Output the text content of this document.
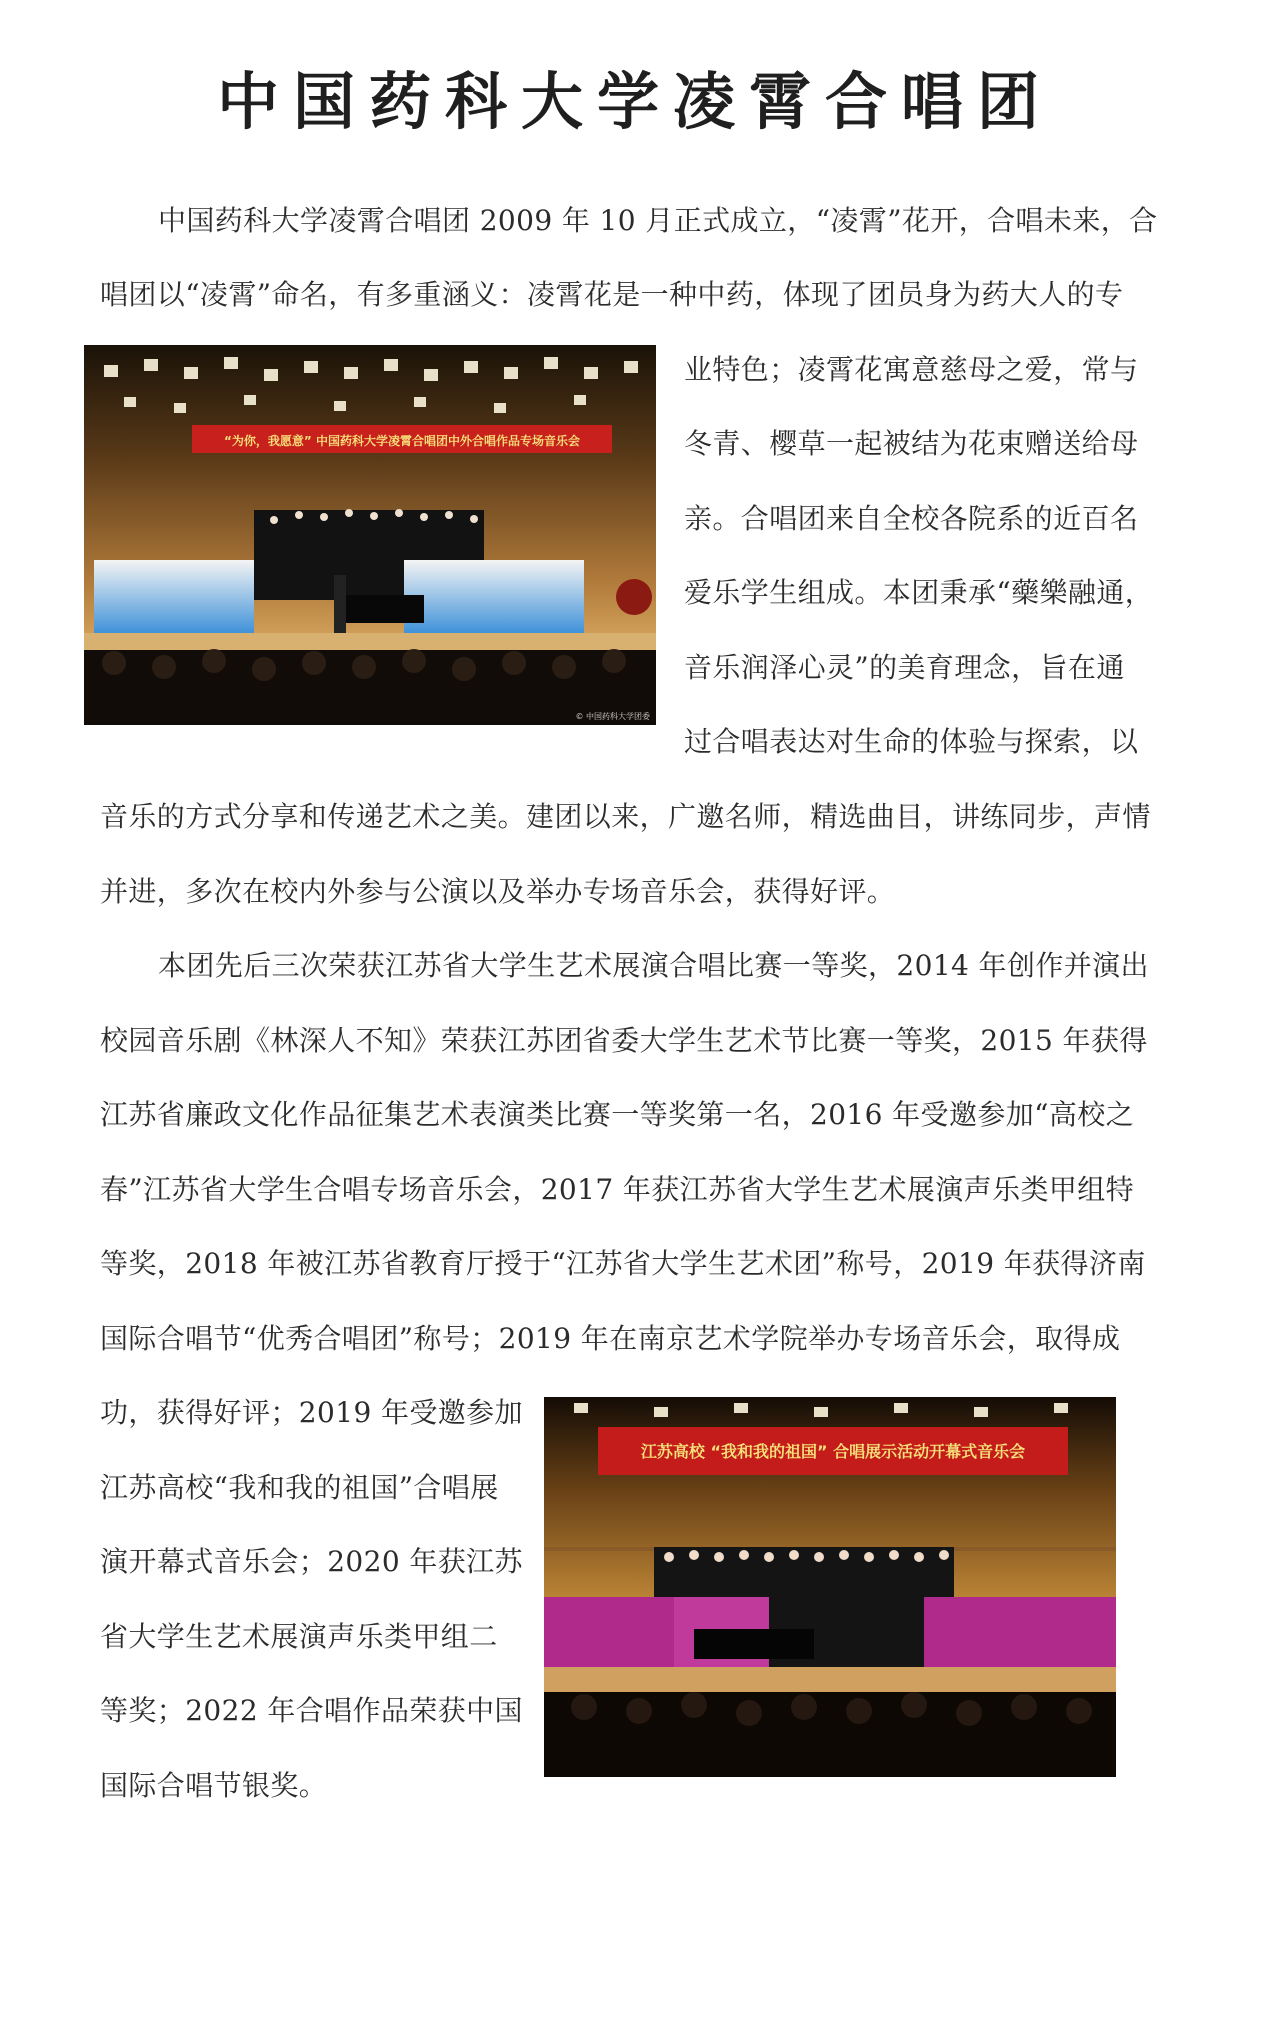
中国药科大学凌霄合唱团
中国药科大学凌霄合唱团 2009 年 10 月正式成立，“凌霄”花开，合唱未来，合
唱团以“凌霄”命名，有多重涵义：凌霄花是一种中药，体现了团员身为药大人的专
业特色；凌霄花寓意慈母之爱，常与
冬青、樱草一起被结为花束赠送给母
亲。合唱团来自全校各院系的近百名
爱乐学生组成。本团秉承“藥樂融通，
音乐润泽心灵”的美育理念，旨在通
过合唱表达对生命的体验与探索，以
音乐的方式分享和传递艺术之美。建团以来，广邀名师，精选曲目，讲练同步，声情
并进，多次在校内外参与公演以及举办专场音乐会，获得好评。
本团先后三次荣获江苏省大学生艺术展演合唱比赛一等奖，2014 年创作并演出
校园音乐剧《林深人不知》荣获江苏团省委大学生艺术节比赛一等奖，2015 年获得
江苏省廉政文化作品征集艺术表演类比赛一等奖第一名，2016 年受邀参加“高校之
春”江苏省大学生合唱专场音乐会，2017 年获江苏省大学生艺术展演声乐类甲组特
等奖，2018 年被江苏省教育厅授于“江苏省大学生艺术团”称号，2019 年获得济南
国际合唱节“优秀合唱团”称号；2019 年在南京艺术学院举办专场音乐会，取得成
功，获得好评；2019 年受邀参加
江苏高校“我和我的祖国”合唱展
演开幕式音乐会；2020 年获江苏
省大学生艺术展演声乐类甲组二
等奖；2022 年合唱作品荣获中国
国际合唱节银奖。
“为你，我愿意” 中国药科大学凌霄合唱团中外合唱作品专场音乐会
© 中国药科大学团委
江苏高校 “我和我的祖国” 合唱展示活动开幕式音乐会
